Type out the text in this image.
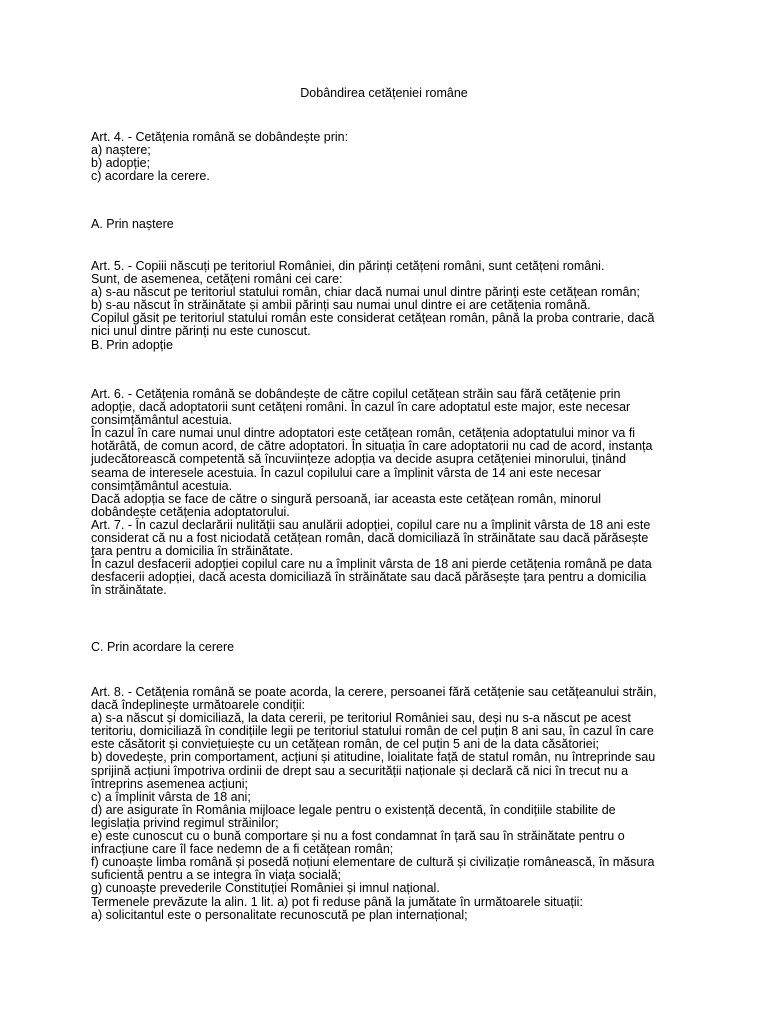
Dobândirea cetățeniei române
Art. 4. - Cetățenia română se dobândește prin:
a) naștere;
b) adopție;
c) acordare la cerere.
A. Prin naștere
Art. 5. - Copiii născuți pe teritoriul României, din părinți cetățeni români, sunt cetățeni români.
Sunt, de asemenea, cetățeni români cei care:
a) s-au născut pe teritoriul statului român, chiar dacă numai unul dintre părinți este cetățean român;
b) s-au născut în străinătate și ambii părinți sau numai unul dintre ei are cetățenia română.
Copilul găsit pe teritoriul statului român este considerat cetățean român, până la proba contrarie, dacă
nici unul dintre părinți nu este cunoscut.
B. Prin adopție
Art. 6. - Cetățenia română se dobândește de către copilul cetățean străin sau fără cetățenie prin
adopție, dacă adoptatorii sunt cetățeni români. În cazul în care adoptatul este major, este necesar
consimțământul acestuia.
În cazul în care numai unul dintre adoptatori este cetățean român, cetățenia adoptatului minor va fi
hotărâtă, de comun acord, de către adoptatori. În situația în care adoptatorii nu cad de acord, instanța
judecătorească competentă să încuviințeze adopția va decide asupra cetățeniei minorului, ținând
seama de interesele acestuia. În cazul copilului care a împlinit vârsta de 14 ani este necesar
consimțământul acestuia.
Dacă adopția se face de către o singură persoană, iar aceasta este cetățean român, minorul
dobândește cetățenia adoptatorului.
Art. 7. - În cazul declarării nulității sau anulării adopției, copilul care nu a împlinit vârsta de 18 ani este
considerat că nu a fost niciodată cetățean român, dacă domiciliază în străinătate sau dacă părăsește
țara pentru a domicilia în străinătate.
În cazul desfacerii adopției copilul care nu a împlinit vârsta de 18 ani pierde cetățenia română pe data
desfacerii adopției, dacă acesta domiciliază în străinătate sau dacă părăsește țara pentru a domicilia
în străinătate.
C. Prin acordare la cerere
Art. 8. - Cetățenia română se poate acorda, la cerere, persoanei fără cetățenie sau cetățeanului străin,
dacă îndeplinește următoarele condiții:
a) s-a născut și domiciliază, la data cererii, pe teritoriul României sau, deși nu s-a născut pe acest
teritoriu, domiciliază în condițiile legii pe teritoriul statului român de cel puțin 8 ani sau, în cazul în care
este căsătorit și conviețuiește cu un cetățean român, de cel puțin 5 ani de la data căsătoriei;
b) dovedește, prin comportament, acțiuni și atitudine, loialitate față de statul român, nu întreprinde sau
sprijină acțiuni împotriva ordinii de drept sau a securității naționale și declară că nici în trecut nu a
întreprins asemenea acțiuni;
c) a împlinit vârsta de 18 ani;
d) are asigurate în România mijloace legale pentru o existență decentă, în condițiile stabilite de
legislația privind regimul străinilor;
e) este cunoscut cu o bună comportare și nu a fost condamnat în țară sau în străinătate pentru o
infracțiune care îl face nedemn de a fi cetățean român;
f) cunoaște limba română și posedă noțiuni elementare de cultură și civilizație românească, în măsura
suficientă pentru a se integra în viața socială;
g) cunoaște prevederile Constituției României și imnul național.
Termenele prevăzute la alin. 1 lit. a) pot fi reduse până la jumătate în următoarele situații:
a) solicitantul este o personalitate recunoscută pe plan internațional;
